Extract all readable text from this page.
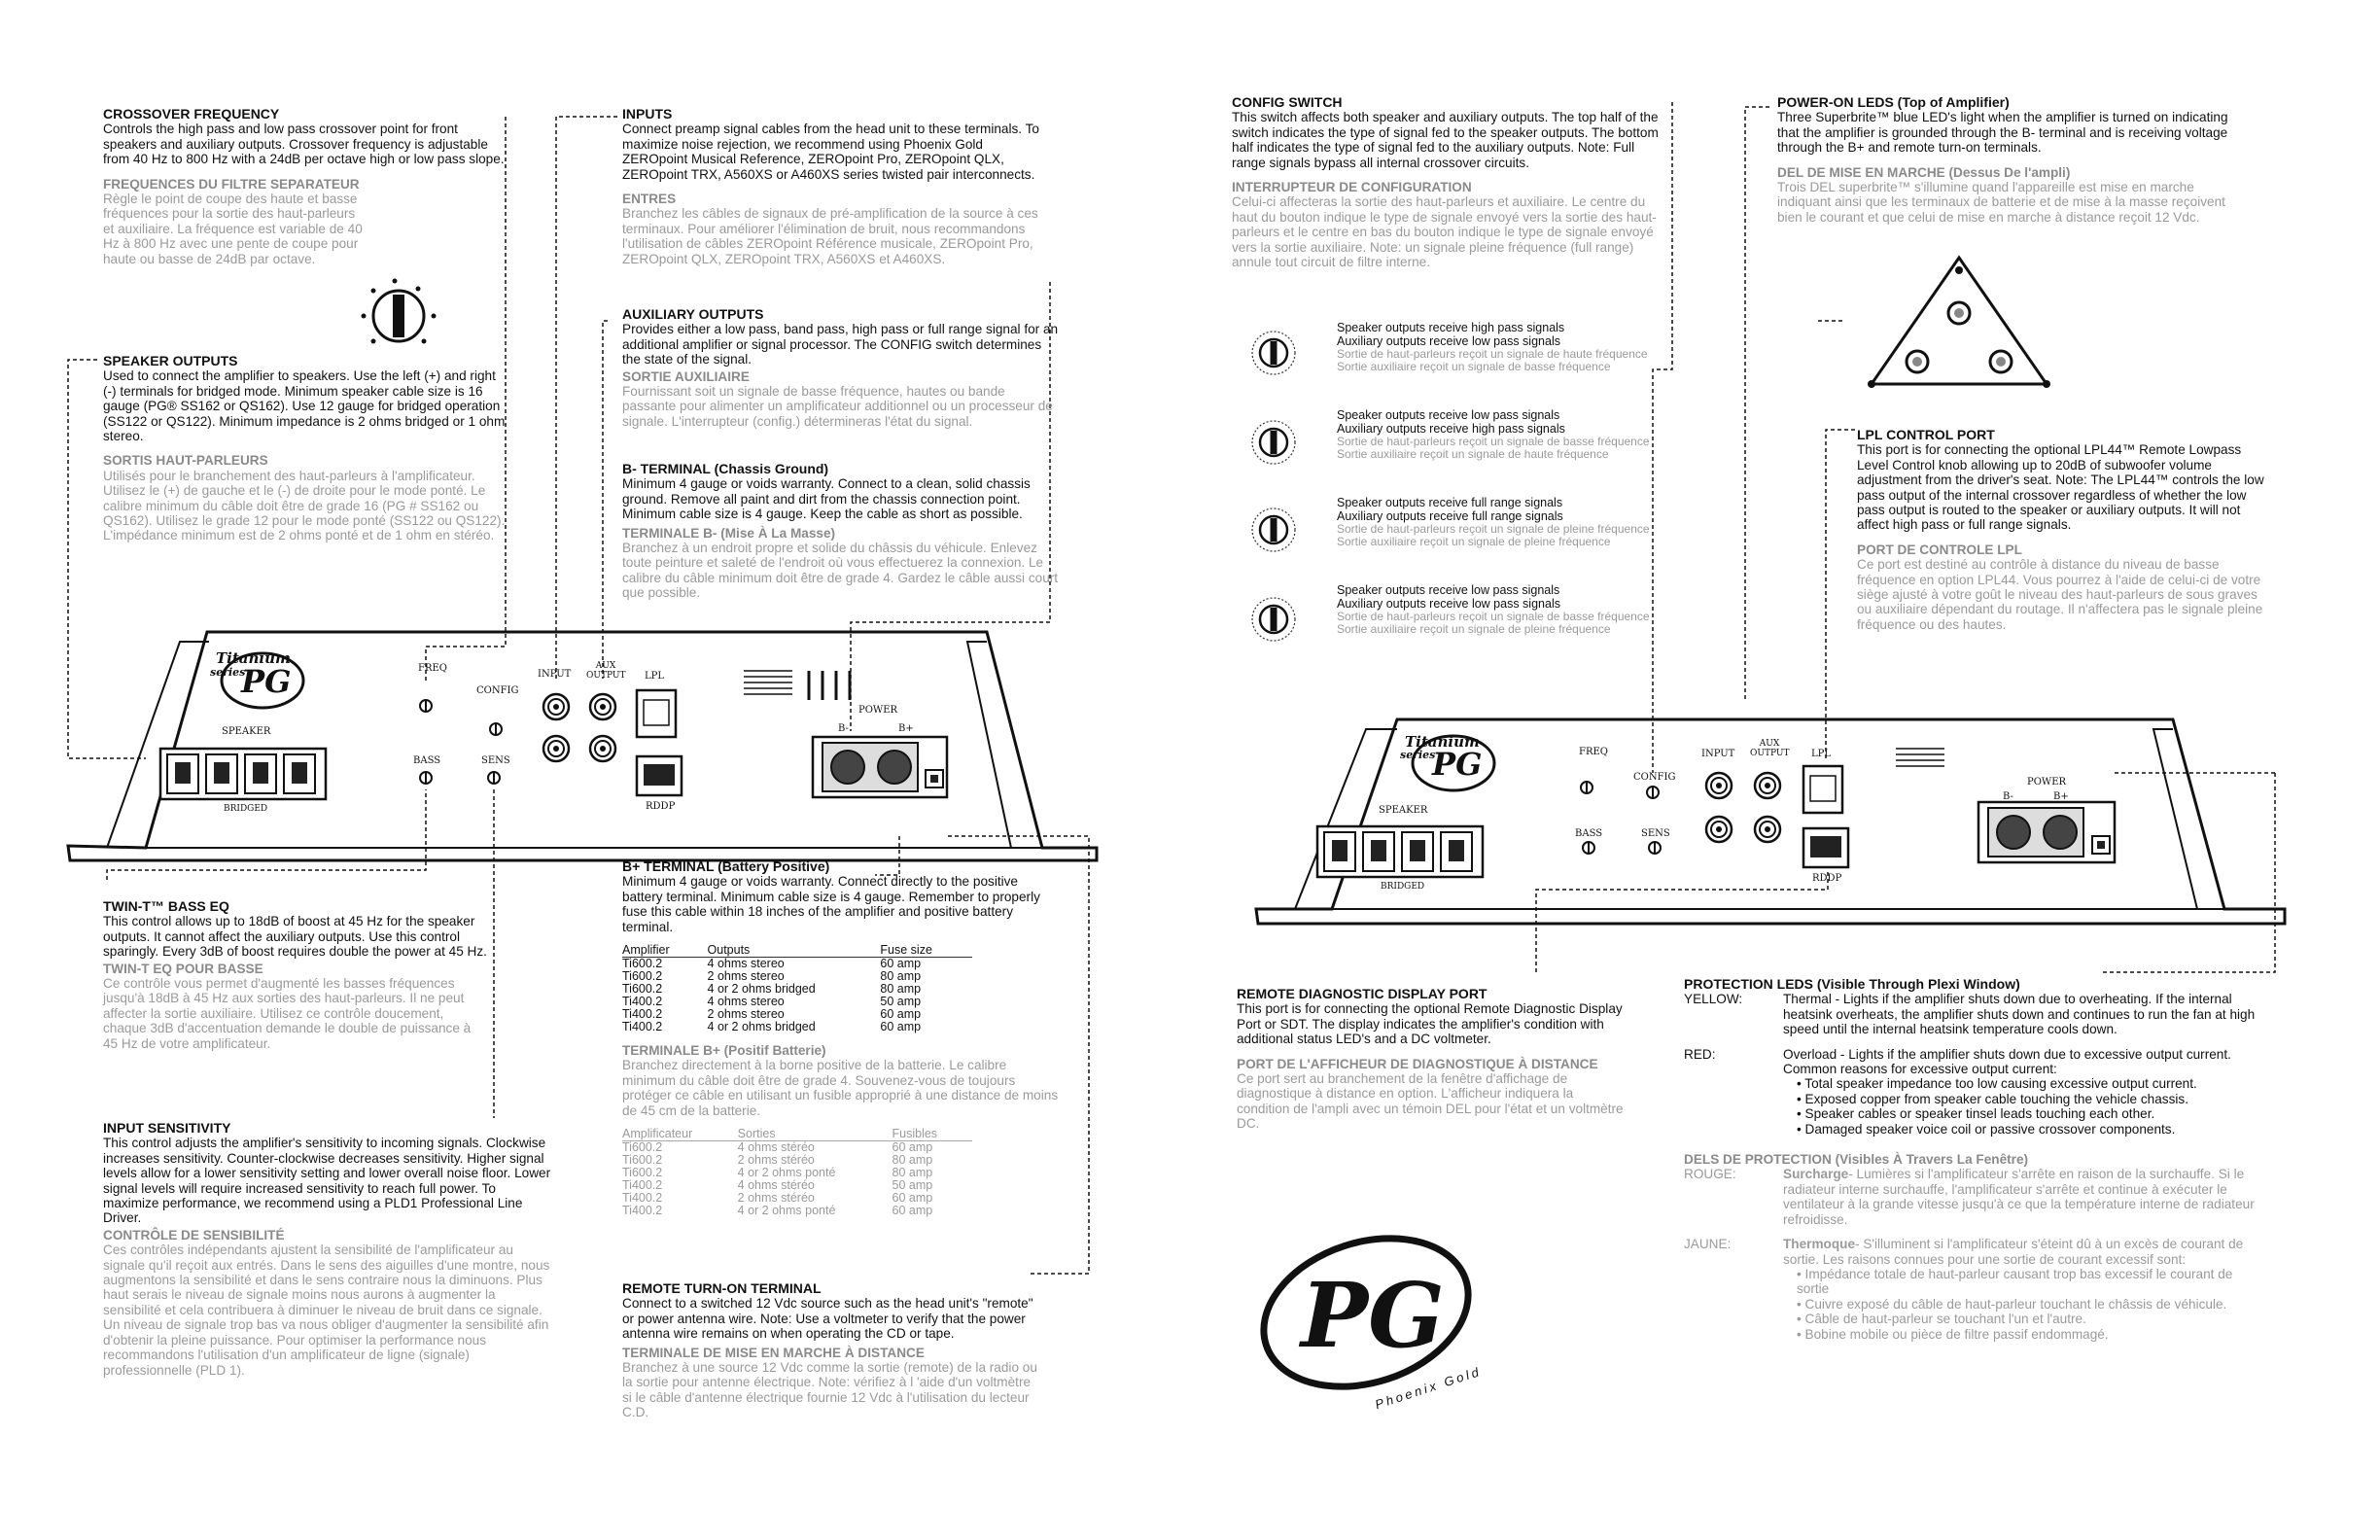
PG
Titanium
series
PG
Titanium
series
PG
FREQ
CONFIG
BASS	SENS
INPUT
AUX OUTPUT LPL
RDDP
POWER
SPEAKER
BRIDGED
B-	B+
FREQ
CONFIG
BASS	SENS
INPUT
AUX OUTPUT LPL
RDDP
POWER
SPEAKER
BRIDGED
B-	B+
Phoenix Gold
CROSSOVER FREQUENCY
Controls the high pass and low pass crossover point for front speakers and auxiliary outputs. Crossover frequency is adjustable from 40 Hz to 800 Hz with a 24dB per octave high or low pass slope.
FREQUENCES DU FILTRE SEPARATEUR
Règle le point de coupe des haute et basse fréquences pour la sortie des haut-parleurs et auxiliaire. La fréquence est variable de 40 Hz à 800 Hz avec une pente de coupe pour haute ou basse de 24dB par octave.
SPEAKER OUTPUTS
Used to connect the amplifier to speakers. Use the left (+) and right (-) terminals for bridged mode. Minimum speaker cable size is 16 gauge (PG® SS162 or QS162). Use 12 gauge for bridged operation (SS122 or QS122). Minimum impedance is 2 ohms bridged or 1 ohm stereo.
SORTIS HAUT-PARLEURS
Utilisés pour le branchement des haut-parleurs à l'amplificateur. Utilisez le (+) de gauche et le (-) de droite pour le mode ponté. Le calibre minimum du câble doit être de grade 16 (PG # SS162 ou QS162). Utilisez le grade 12 pour le mode ponté (SS122 ou QS122). L'impédance minimum est de 2 ohms ponté et de 1 ohm en stéréo.
INPUTS
Connect preamp signal cables from the head unit to these terminals. To maximize noise rejection, we recommend using Phoenix Gold ZEROpoint Musical Reference, ZEROpoint Pro, ZEROpoint QLX, ZEROpoint TRX, A560XS or A460XS series twisted pair interconnects.
ENTRES
Branchez les câbles de signaux de pré-amplification de la source à ces terminaux. Pour améliorer l'élimination de bruit, nous recommandons l'utilisation de câbles ZEROpoint Référence musicale, ZEROpoint Pro, ZEROpoint QLX, ZEROpoint TRX, A560XS et A460XS.
AUXILIARY OUTPUTS
Provides either a low pass, band pass, high pass or full range signal for an additional amplifier or signal processor. The CONFIG switch determines the state of the signal.
SORTIE AUXILIAIRE
Fournissant soit un signale de basse fréquence, hautes ou bande passante pour alimenter un amplificateur additionnel ou un processeur de signale. L'interrupteur (config.) détermineras l'état du signal.
B- TERMINAL (Chassis Ground)
Minimum 4 gauge or voids warranty. Connect to a clean, solid chassis ground. Remove all paint and dirt from the chassis connection point. Minimum cable size is 4 gauge. Keep the cable as short as possible.
TERMINALE B- (Mise À La Masse)
Branchez à un endroit propre et solide du châssis du véhicule. Enlevez toute peinture et saleté de l'endroit où vous effectuerez la connexion. Le calibre du câble minimum doit être de grade 4. Gardez le câble aussi court que possible.
B+ TERMINAL (Battery Positive)
Minimum 4 gauge or voids warranty. Connect directly to the positive battery terminal. Minimum cable size is 4 gauge. Remember to properly fuse this cable within 18 inches of the amplifier and positive battery terminal.
Amplifier	Outputs	Fuse size
Ti600.2	4 ohms stereo	60 amp
Ti600.2	2 ohms stereo	80 amp
Ti600.2	4 or 2 ohms bridged	80 amp
Ti400.2	4 ohms stereo	50 amp
Ti400.2	2 ohms stereo	60 amp
Ti400.2	4 or 2 ohms bridged	60 amp
TERMINALE B+ (Positif Batterie)
Branchez directement à la borne positive de la batterie. Le calibre minimum du câble doit être de grade 4. Souvenez-vous de toujours protéger ce câble en utilisant un fusible approprié à une distance de moins de 45 cm de la batterie.
Amplificateur	Sorties	Fusibles
Ti600.2	4 ohms stéréo	60 amp
Ti600.2	2 ohms stéréo	80 amp
Ti600.2	4 or 2 ohms ponté	80 amp
Ti400.2	4 ohms stéréo	50 amp
Ti400.2	2 ohms stéréo	60 amp
Ti400.2	4 or 2 ohms ponté	60 amp
REMOTE TURN-ON TERMINAL
Connect to a switched 12 Vdc source such as the head unit's "remote" or power antenna wire. Note: Use a voltmeter to verify that the power antenna wire remains on when operating the CD or tape.
TERMINALE DE MISE EN MARCHE À DISTANCE
Branchez à une source 12 Vdc comme la sortie (remote) de la radio ou la sortie pour antenne électrique. Note: vérifiez à l 'aide d'un voltmètre si le câble d'antenne électrique fournie 12 Vdc à l'utilisation du lecteur C.D.
TWIN-T™ BASS EQ
This control allows up to 18dB of boost at 45 Hz for the speaker outputs. It cannot affect the auxiliary outputs. Use this control sparingly. Every 3dB of boost requires double the power at 45 Hz.
TWIN-T EQ POUR BASSE
Ce contrôle vous permet d'augmenté les basses fréquences jusqu'à 18dB à 45 Hz aux sorties des haut-parleurs. Il ne peut affecter la sortie auxiliaire. Utilisez ce contrôle doucement, chaque 3dB d'accentuation demande le double de puissance à 45 Hz de votre amplificateur.
INPUT SENSITIVITY
This control adjusts the amplifier's sensitivity to incoming signals. Clockwise increases sensitivity. Counter-clockwise decreases sensitivity. Higher signal levels allow for a lower sensitivity setting and lower overall noise floor. Lower signal levels will require increased sensitivity to reach full power. To maximize performance, we recommend using a PLD1 Professional Line Driver.
CONTRÔLE DE SENSIBILITÉ
Ces contrôles indépendants ajustent la sensibilité de l'amplificateur au signale qu'il reçoit aux entrés. Dans le sens des aiguilles d'une montre, nous augmentons la sensibilité et dans le sens contraire nous la diminuons. Plus haut serais le niveau de signale moins nous aurons à augmenter la sensibilité et cela contribuera à diminuer le niveau de bruit dans ce signale. Un niveau de signale trop bas va nous obliger d'augmenter la sensibilité afin d'obtenir la pleine puissance. Pour optimiser la performance nous recommandons l'utilisation d'un amplificateur de ligne (signale) professionnelle (PLD 1).
CONFIG SWITCH
This switch affects both speaker and auxiliary outputs. The top half of the switch indicates the type of signal fed to the speaker outputs. The bottom half indicates the type of signal fed to the auxiliary outputs. Note: Full range signals bypass all internal crossover circuits.
INTERRUPTEUR DE CONFIGURATION
Celui-ci affecteras la sortie des haut-parleurs et auxiliaire. Le centre du haut du bouton indique le type de signale envoyé vers la sortie des haut-parleurs et le centre en bas du bouton indique le type de signale envoyé vers la sortie auxiliaire. Note: un signale pleine fréquence (full range) annule tout circuit de filtre interne.
Speaker outputs receive high pass signals
Auxiliary outputs receive low pass signals
Sortie de haut-parleurs reçoit un signale de haute fréquence
Sortie auxiliaire reçoit un signale de basse fréquence
Speaker outputs receive low pass signals
Auxiliary outputs receive high pass signals
Sortie de haut-parleurs reçoit un signale de basse fréquence
Sortie auxiliaire reçoit un signale de haute fréquence
Speaker outputs receive full range signals
Auxiliary outputs receive full range signals
Sortie de haut-parleurs reçoit un signale de pleine fréquence
Sortie auxiliaire reçoit un signale de pleine fréquence
Speaker outputs receive low pass signals
Auxiliary outputs receive low pass signals
Sortie de haut-parleurs reçoit un signale de basse fréquence
Sortie auxiliaire reçoit un signale de pleine fréquence
POWER-ON LEDS (Top of Amplifier)
Three Superbrite™ blue LED's light when the amplifier is turned on indicating that the amplifier is grounded through the B- terminal and is receiving voltage through the B+ and remote turn-on terminals.
DEL DE MISE EN MARCHE (Dessus De l'ampli)
Trois DEL superbrite™ s'illumine quand l'appareille est mise en marche indiquant ainsi que les terminaux de batterie et de mise à la masse reçoivent bien le courant et que celui de mise en marche à distance reçoit 12 Vdc.
LPL CONTROL PORT
This port is for connecting the optional LPL44™ Remote Lowpass Level Control knob allowing up to 20dB of subwoofer volume adjustment from the driver's seat. Note: The LPL44™ controls the low pass output of the internal crossover regardless of whether the low pass output is routed to the speaker or auxiliary outputs. It will not affect high pass or full range signals.
PORT DE CONTROLE LPL
Ce port est destiné au contrôle à distance du niveau de basse fréquence en option LPL44. Vous pourrez à l'aide de celui-ci de votre siège ajusté à votre goût le niveau des haut-parleurs de sous graves ou auxiliaire dépendant du routage. Il n'affectera pas le signale pleine fréquence ou des hautes.
REMOTE DIAGNOSTIC DISPLAY PORT
This port is for connecting the optional Remote Diagnostic Display Port or SDT. The display indicates the amplifier's condition with additional status LED's and a DC voltmeter.
PORT DE L'AFFICHEUR DE DIAGNOSTIQUE À DISTANCE
Ce port sert au branchement de la fenêtre d'affichage de diagnostique à distance en option. L'afficheur indiquera la condition de l'ampli avec un témoin DEL pour l'état et un voltmètre DC.
PROTECTION LEDS (Visible Through Plexi Window)
YELLOW:	Thermal - Lights if the amplifier shuts down due to overheating. If the internal heatsink overheats, the amplifier shuts down and continues to run the fan at high speed until the internal heatsink temperature cools down.
RED:	Overload - Lights if the amplifier shuts down due to excessive output current. Common reasons for excessive output current:
• Total speaker impedance too low causing excessive output current.
• Exposed copper from speaker cable touching the vehicle chassis.
• Speaker cables or speaker tinsel leads touching each other.
• Damaged speaker voice coil or passive crossover components.
DELS DE PROTECTION (Visibles À Travers La Fenêtre)
ROUGE:	Surcharge- Lumières si l'amplificateur s'arrête en raison de la surchauffe. Si le radiateur interne surchauffe, l'amplificateur s'arrête et continue à exécuter le ventilateur à la grande vitesse jusqu'à ce que la température interne de radiateur refroidisse.
JAUNE:	Thermoque- S'illuminent si l'amplificateur s'éteint dû à un excès de courant de sortie. Les raisons connues pour une sortie de courant excessif sont:
• Impédance totale de haut-parleur causant trop bas excessif le courant de sortie
• Cuivre exposé du câble de haut-parleur touchant le châssis de véhicule.
• Câble de haut-parleur se touchant l'un et l'autre.
• Bobine mobile ou pièce de filtre passif endommagé.
